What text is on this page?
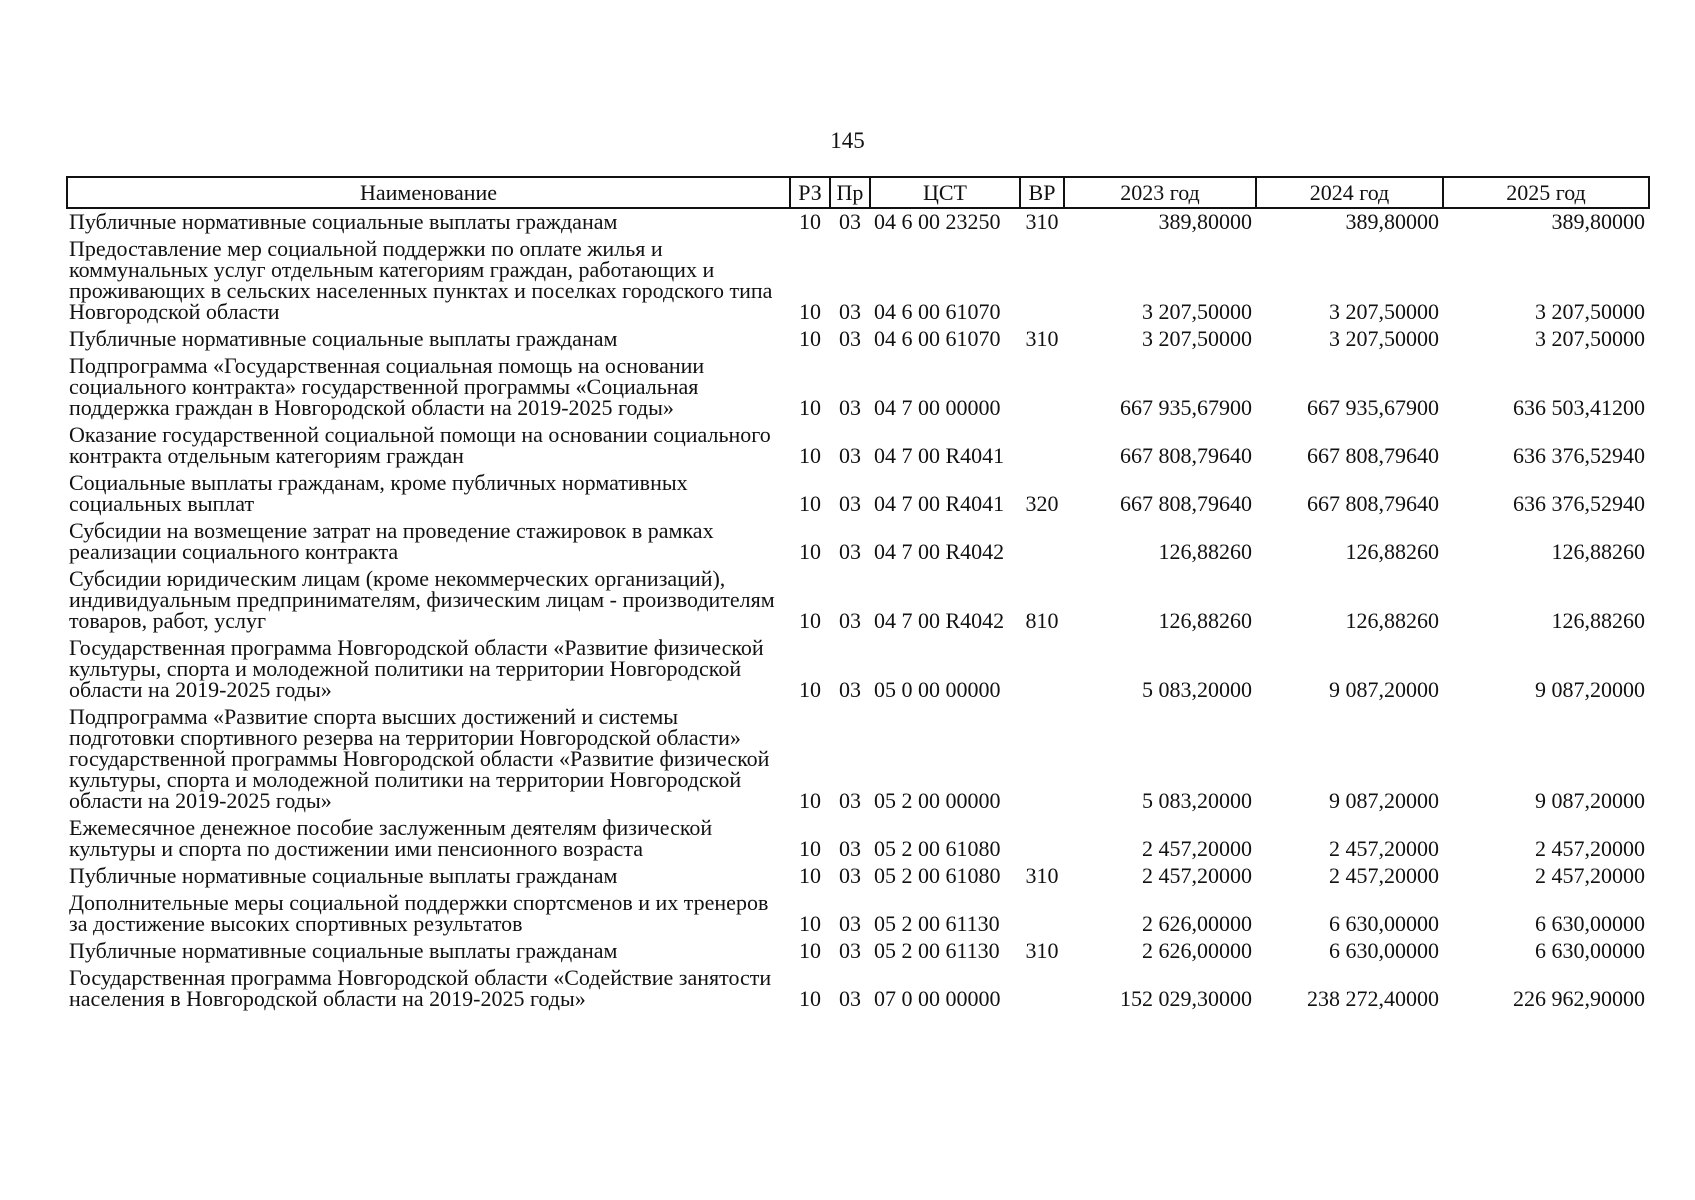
145
Наименование	РЗ	Пр	ЦСТ	ВР	2023 год	2024 год	2025 год
Публичные нормативные социальные выплаты гражданам	10	03	04 6 00 23250	310	389,80000	389,80000	389,80000
Предоставление мер социальной поддержки по оплате жилья и коммунальных услуг отдельным категориям граждан, работающих и проживающих в сельских населенных пунктах и поселках городского типа Новгородской области	10	03	04 6 00 61070		3 207,50000	3 207,50000	3 207,50000
Публичные нормативные социальные выплаты гражданам	10	03	04 6 00 61070	310	3 207,50000	3 207,50000	3 207,50000
Подпрограмма «Государственная социальная помощь на основании социального контракта» государственной программы «Социальная поддержка граждан в Новгородской области на 2019-2025 годы»	10	03	04 7 00 00000		667 935,67900	667 935,67900	636 503,41200
Оказание государственной социальной помощи на основании социального контракта отдельным категориям граждан	10	03	04 7 00 R4041		667 808,79640	667 808,79640	636 376,52940
Социальные выплаты гражданам, кроме публичных нормативных социальных выплат	10	03	04 7 00 R4041	320	667 808,79640	667 808,79640	636 376,52940
Субсидии на возмещение затрат на проведение стажировок в рамках реализации социального контракта	10	03	04 7 00 R4042		126,88260	126,88260	126,88260
Субсидии юридическим лицам (кроме некоммерческих организаций), индивидуальным предпринимателям, физическим лицам - производителям товаров, работ, услуг	10	03	04 7 00 R4042	810	126,88260	126,88260	126,88260
Государственная программа Новгородской области «Развитие физической культуры, спорта и молодежной политики на территории Новгородской области на 2019-2025 годы»	10	03	05 0 00 00000		5 083,20000	9 087,20000	9 087,20000
Подпрограмма «Развитие спорта высших достижений и системы подготовки спортивного резерва на территории Новгородской области» государственной программы Новгородской области «Развитие физической культуры, спорта и молодежной политики на территории Новгородской области на 2019-2025 годы»	10	03	05 2 00 00000		5 083,20000	9 087,20000	9 087,20000
Ежемесячное денежное пособие заслуженным деятелям физической культуры и спорта по достижении ими пенсионного возраста	10	03	05 2 00 61080		2 457,20000	2 457,20000	2 457,20000
Публичные нормативные социальные выплаты гражданам	10	03	05 2 00 61080	310	2 457,20000	2 457,20000	2 457,20000
Дополнительные меры социальной поддержки спортсменов и их тренеров за достижение высоких спортивных результатов	10	03	05 2 00 61130		2 626,00000	6 630,00000	6 630,00000
Публичные нормативные социальные выплаты гражданам	10	03	05 2 00 61130	310	2 626,00000	6 630,00000	6 630,00000
Государственная программа Новгородской области «Содействие занятости населения в Новгородской области на 2019-2025 годы»	10	03	07 0 00 00000		152 029,30000	238 272,40000	226 962,90000
